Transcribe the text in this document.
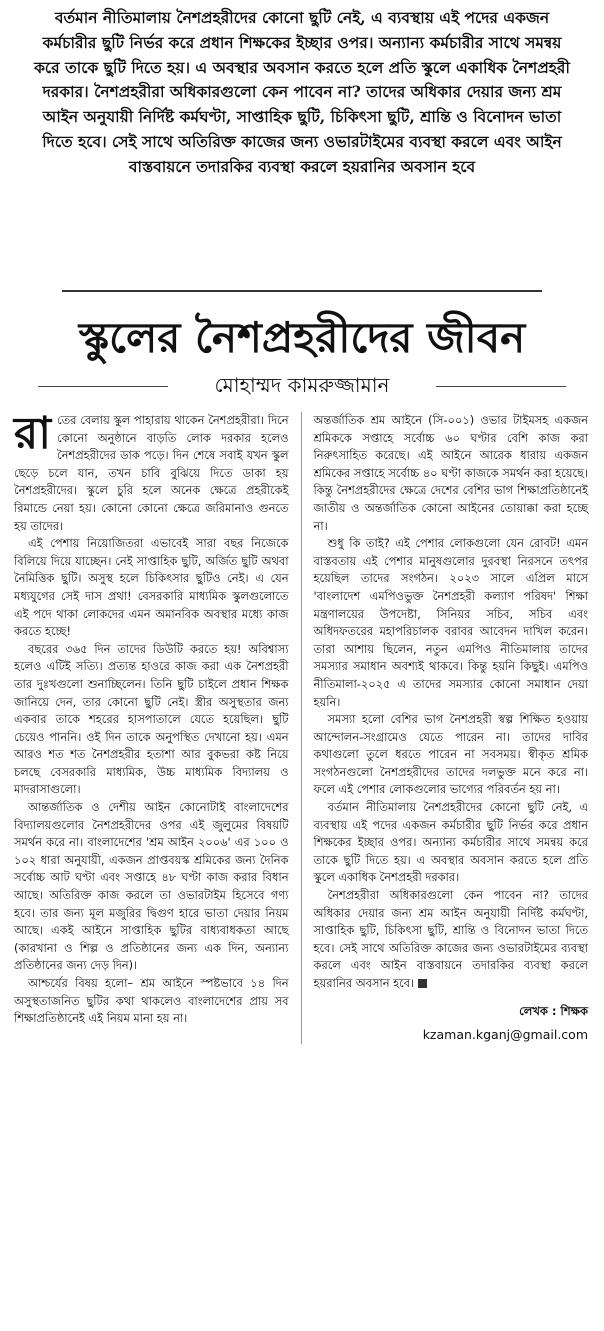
বর্তমান নীতিমালায় নৈশপ্রহরীদের কোনো ছুটি নেই, এ ব্যবস্থায় এই পদের একজন কর্মচারীর ছুটি নির্ভর করে প্রধান শিক্ষকের ইচ্ছার ওপর। অন্যান্য কর্মচারীর সাথে সমন্বয় করে তাকে ছুটি দিতে হয়। এ অবস্থার অবসান করতে হলে প্রতি স্কুলে একাধিক নৈশপ্রহরী দরকার। নৈশপ্রহরীরা অধিকারগুলো কেন পাবেন না? তাদের অধিকার দেয়ার জন্য শ্রম আইন অনুযায়ী নির্দিষ্ট কর্মঘণ্টা, সাপ্তাহিক ছুটি, চিকিৎসা ছুটি, শ্রান্তি ও বিনোদন ভাতা দিতে হবে। সেই সাথে অতিরিক্ত কাজের জন্য ওভারটাইমের ব্যবস্থা করলে এবং আইন বাস্তবায়নে তদারকির ব্যবস্থা করলে হয়রানির অবসান হবে
স্কুলের নৈশপ্রহরীদের জীবন
মোহাম্মদ কামরুজ্জামান

রাতের বেলায় স্কুল পাহারায় থাকেন নৈশপ্রহরীরা। দিনে কোনো অনুষ্ঠানে বাড়তি লোক দরকার হলেও নৈশপ্রহরীদের ডাক পড়ে। দিন শেষে সবাই যখন স্কুল ছেড়ে চলে যান, তখন চাবি বুঝিয়ে দিতে ডাকা হয় নৈশপ্রহরীদের। স্কুলে চুরি হলে অনেক ক্ষেত্রে প্রহরীকেই রিমান্ডে নেয়া হয়। কোনো কোনো ক্ষেত্রে জরিমানাও গুনতে হয় তাদের।

এই পেশায় নিয়োজিতরা এভাবেই সারা বছর নিজেকে বিলিয়ে দিয়ে যাচ্ছেন। নেই সাপ্তাহিক ছুটি, অর্জিত ছুটি অথবা নৈমিত্তিক ছুটি। অসুস্থ হলে চিকিৎসার ছুটিও নেই। এ যেন মধ্যযুগের সেই দাস প্রথা! বেসরকারি মাধ্যমিক স্কুলগুলোতে এই পদে থাকা লোকদের এমন অমানবিক অবস্থার মধ্যে কাজ করতে হচ্ছে!

বছরের ৩৬৫ দিন তাদের ডিউটি করতে হয়! অবিশ্বাস্য হলেও এটিই সত্যি। প্রত্যন্ত হাওরে কাজ করা এক নৈশপ্রহরী তার দুঃখগুলো শুনাচ্ছিলেন। তিনি ছুটি চাইলে প্রধান শিক্ষক জানিয়ে দেন, তার কোনো ছুটি নেই। স্ত্রীর অসুস্থতার জন্য একবার তাকে শহরের হাসপাতালে যেতে হয়েছিল। ছুটি চেয়েও পাননি। ওই দিন তাকে অনুপস্থিত দেখানো হয়। এমন আরও শত শত নৈশপ্রহরীর হতাশা আর বুকভরা কষ্ট নিয়ে চলছে বেসরকারি মাধ্যমিক, উচ্চ মাধ্যমিক বিদ্যালয় ও মাদরাসাগুলো।

আন্তর্জাতিক ও দেশীয় আইন কোনোটাই বাংলাদেশের বিদ্যালয়গুলোর নৈশপ্রহরীদের ওপর এই জুলুমের বিষয়টি সমর্থন করে না। বাংলাদেশের 'শ্রম আইন ২০০৬' এর ১০০ ও ১০২ ধারা অনুযায়ী, একজন প্রাপ্তবয়স্ক শ্রমিকের জন্য দৈনিক সর্বোচ্চ আট ঘণ্টা এবং সপ্তাহে ৪৮ ঘণ্টা কাজ করার বিধান আছে। অতিরিক্ত কাজ করলে তা ওভারটাইম হিসেবে গণ্য হবে। তার জন্য মূল মজুরির দ্বিগুণ হারে ভাতা দেয়ার নিয়ম আছে। একই আইনে সাপ্তাহিক ছুটির বাধ্যবাধকতা আছে (কারখানা ও শিল্প ও প্রতিষ্ঠানের জন্য এক দিন, অন্যান্য প্রতিষ্ঠানের জন্য দেড় দিন)।

আশ্চর্যের বিষয় হলো– শ্রম আইনে স্পষ্টভাবে ১৪ দিন অসুস্থতাজনিত ছুটির কথা থাকলেও বাংলাদেশের প্রায় সব শিক্ষাপ্রতিষ্ঠানেই এই নিয়ম মানা হয় না।

অন্তর্জাতিক শ্রম আইনে (সি-০০১) ওভার টাইমসহ একজন শ্রমিককে সপ্তাহে সর্বোচ্চ ৬০ ঘণ্টার বেশি কাজ করা নিরুৎসাহিত করেছে। এই আইনে আরেক ধারায় একজন শ্রমিকের সপ্তাহে সর্বোচ্চ ৪০ ঘণ্টা কাজকে সমর্থন করা হয়েছে। কিন্তু নৈশপ্রহরীদের ক্ষেত্রে দেশের বেশির ভাগ শিক্ষাপ্রতিষ্ঠানেই জাতীয় ও অন্তর্জাতিক কোনো আইনের তোয়াক্কা করা হচ্ছে না।

শুধু কি তাই? এই পেশার লোকগুলো যেন রোবট! এমন বাস্তবতায় এই পেশার মানুষগুলোর দুরবস্থা নিরসনে তৎপর হয়েছিল তাদের সংগঠন। ২০২৩ সালে এপ্রিল মাসে 'বাংলাদেশ এমপিওভুক্ত নৈশপ্রহরী কল্যাণ পরিষদ' শিক্ষা মন্ত্রণালয়ের উপদেষ্টা, সিনিয়র সচিব, সচিব এবং অধিদফতরের মহাপরিচালক বরাবর আবেদন দাখিল করেন। তারা আশায় ছিলেন, নতুন এমপিও নীতিমালায় তাদের সমস্যার সমাধান অবশ্যই থাকবে। কিন্তু হয়নি কিছুই। এমপিও নীতিমালা-২০২৫ এ তাদের সমস্যার কোনো সমাধান দেয়া হয়নি।

সমস্যা হলো বেশির ভাগ নৈশপ্রহরী স্বল্প শিক্ষিত হওয়ায় আন্দোলন-সংগ্রামেও যেতে পারেন না। তাদের দাবির কথাগুলো তুলে ধরতে পারেন না সবসময়। স্বীকৃত শ্রমিক সংগঠনগুলো নৈশপ্রহরীদের তাদের দলভুক্ত মনে করে না। ফলে এই পেশার লোকগুলোর ভাগ্যের পরিবর্তন হয় না।

বর্তমান নীতিমালায় নৈশপ্রহরীদের কোনো ছুটি নেই, এ ব্যবস্থায় এই পদের একজন কর্মচারীর ছুটি নির্ভর করে প্রধান শিক্ষকের ইচ্ছার ওপর। অন্যান্য কর্মচারীর সাথে সমন্বয় করে তাকে ছুটি দিতে হয়। এ অবস্থার অবসান করতে হলে প্রতি স্কুলে একাধিক নৈশপ্রহরী দরকার।

নৈশপ্রহরীরা অধিকারগুলো কেন পাবেন না? তাদের অধিকার দেয়ার জন্য শ্রম আইন অনুযায়ী নির্দিষ্ট কর্মঘণ্টা, সাপ্তাহিক ছুটি, চিকিৎসা ছুটি, শ্রান্তি ও বিনোদন ভাতা দিতে হবে। সেই সাথে অতিরিক্ত কাজের জন্য ওভারটাইমের ব্যবস্থা করলে এবং আইন বাস্তবায়নে তদারকির ব্যবস্থা করলে হয়রানির অবসান হবে।

লেখক : শিক্ষক
kzaman.kganj@gmail.com
